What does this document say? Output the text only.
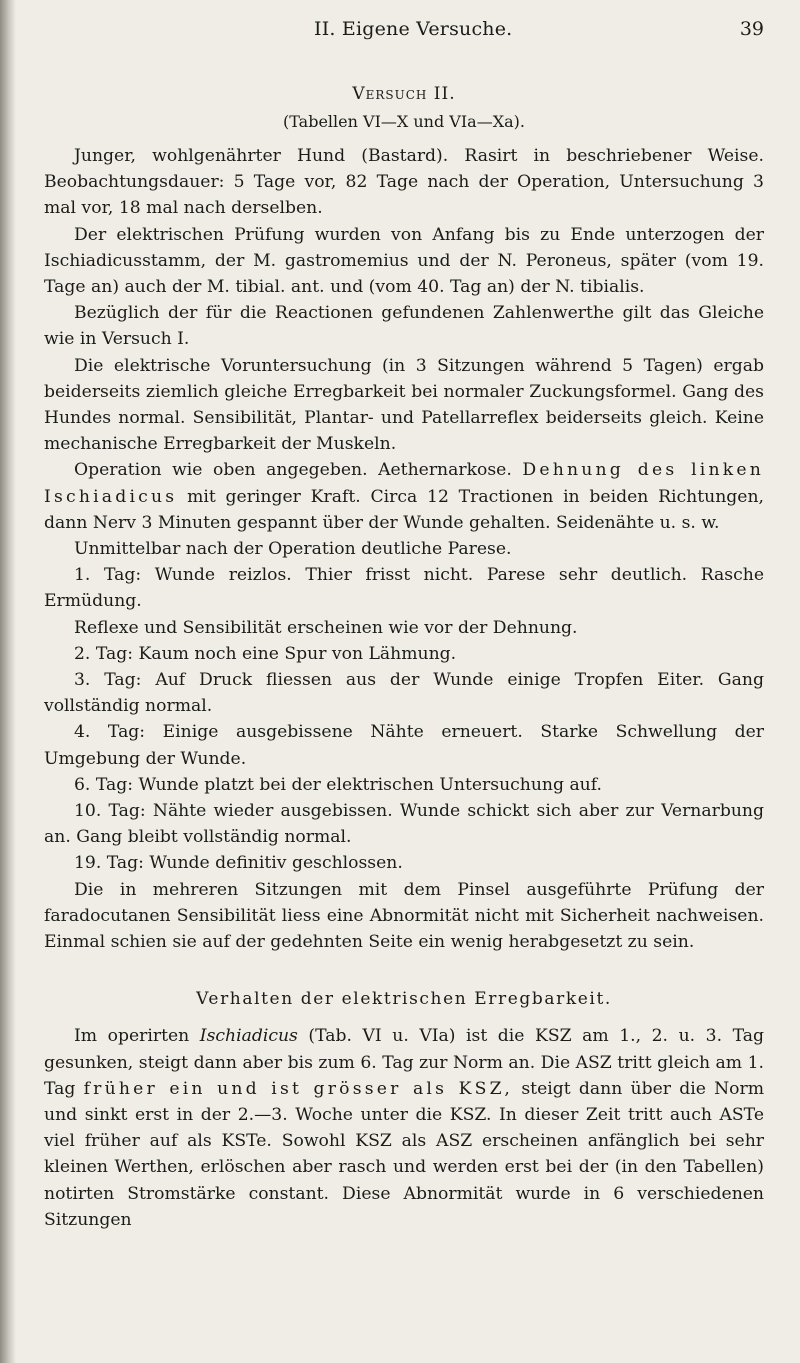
II. Eigene Versuche.	39
Versuch II.
(Tabellen VI—X und VIa—Xa).

Junger, wohlgenährter Hund (Bastard). Rasirt in beschriebener Weise. Beobachtungsdauer: 5 Tage vor, 82 Tage nach der Operation, Untersuchung 3 mal vor, 18 mal nach derselben.

Der elektrischen Prüfung wurden von Anfang bis zu Ende unterzogen der Ischiadicusstamm, der M. gastromemius und der N. Peroneus, später (vom 19. Tage an) auch der M. tibial. ant. und (vom 40. Tag an) der N. tibialis.

Bezüglich der für die Reactionen gefundenen Zahlenwerthe gilt das Gleiche wie in Versuch I.

Die elektrische Voruntersuchung (in 3 Sitzungen während 5 Tagen) ergab beiderseits ziemlich gleiche Erregbarkeit bei normaler Zuckungsformel. Gang des Hundes normal. Sensibilität, Plantar- und Patellarreflex beiderseits gleich. Keine mechanische Erregbarkeit der Muskeln.

Operation wie oben angegeben. Aethernarkose. Dehnung des linken Ischiadicus mit geringer Kraft. Circa 12 Tractionen in beiden Richtungen, dann Nerv 3 Minuten gespannt über der Wunde gehalten. Seidenähte u. s. w.

Unmittelbar nach der Operation deutliche Parese.

1. Tag: Wunde reizlos. Thier frisst nicht. Parese sehr deutlich. Rasche Ermüdung.

Reflexe und Sensibilität erscheinen wie vor der Dehnung.

2. Tag: Kaum noch eine Spur von Lähmung.

3. Tag: Auf Druck fliessen aus der Wunde einige Tropfen Eiter. Gang vollständig normal.

4. Tag: Einige ausgebissene Nähte erneuert. Starke Schwellung der Umgebung der Wunde.

6. Tag: Wunde platzt bei der elektrischen Untersuchung auf.

10. Tag: Nähte wieder ausgebissen. Wunde schickt sich aber zur Vernarbung an. Gang bleibt vollständig normal.

19. Tag: Wunde definitiv geschlossen.

Die in mehreren Sitzungen mit dem Pinsel ausgeführte Prüfung der faradocutanen Sensibilität liess eine Abnormität nicht mit Sicherheit nachweisen. Einmal schien sie auf der gedehnten Seite ein wenig herabgesetzt zu sein.

Verhalten der elektrischen Erregbarkeit.

Im operirten Ischiadicus (Tab. VI u. VIa) ist die KSZ am 1., 2. u. 3. Tag gesunken, steigt dann aber bis zum 6. Tag zur Norm an. Die ASZ tritt gleich am 1. Tag früher ein und ist grösser als KSZ, steigt dann über die Norm und sinkt erst in der 2.—3. Woche unter die KSZ. In dieser Zeit tritt auch ASTe viel früher auf als KSTe. Sowohl KSZ als ASZ erscheinen anfänglich bei sehr kleinen Werthen, erlöschen aber rasch und werden erst bei der (in den Tabellen) notirten Stromstärke constant. Diese Abnormität wurde in 6 verschiedenen Sitzungen
